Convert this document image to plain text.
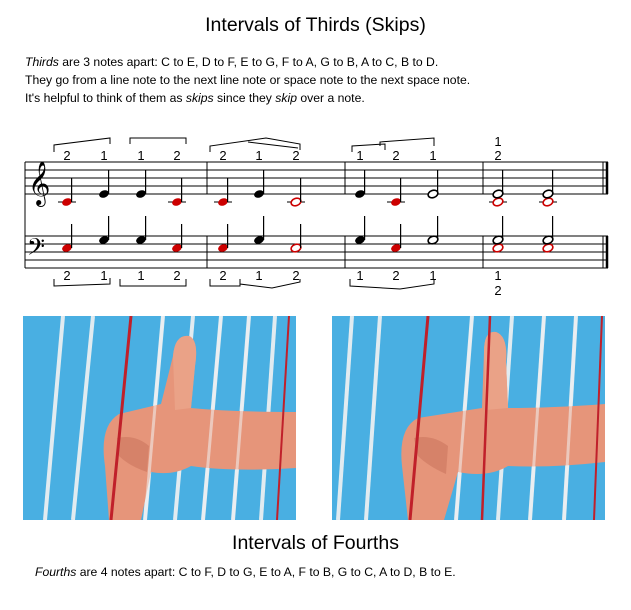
Intervals of Thirds (Skips)

Thirds are 3 notes apart: C to E, D to F, E to G, F to A, G to B, A to C, B to D.

They go from a line note to the next line note or space note to the next space note.

It's helpful to think of them as skips since they skip over a note.

𝄞
𝄢
2 1 1 2	2 1 2	1 2 1
1
2
2 1 1 2	2 1 2	1 2 1	1
2
Intervals of Fourths

Fourths are 4 notes apart: C to F, D to G, E to A, F to B, G to C, A to D, B to E.
